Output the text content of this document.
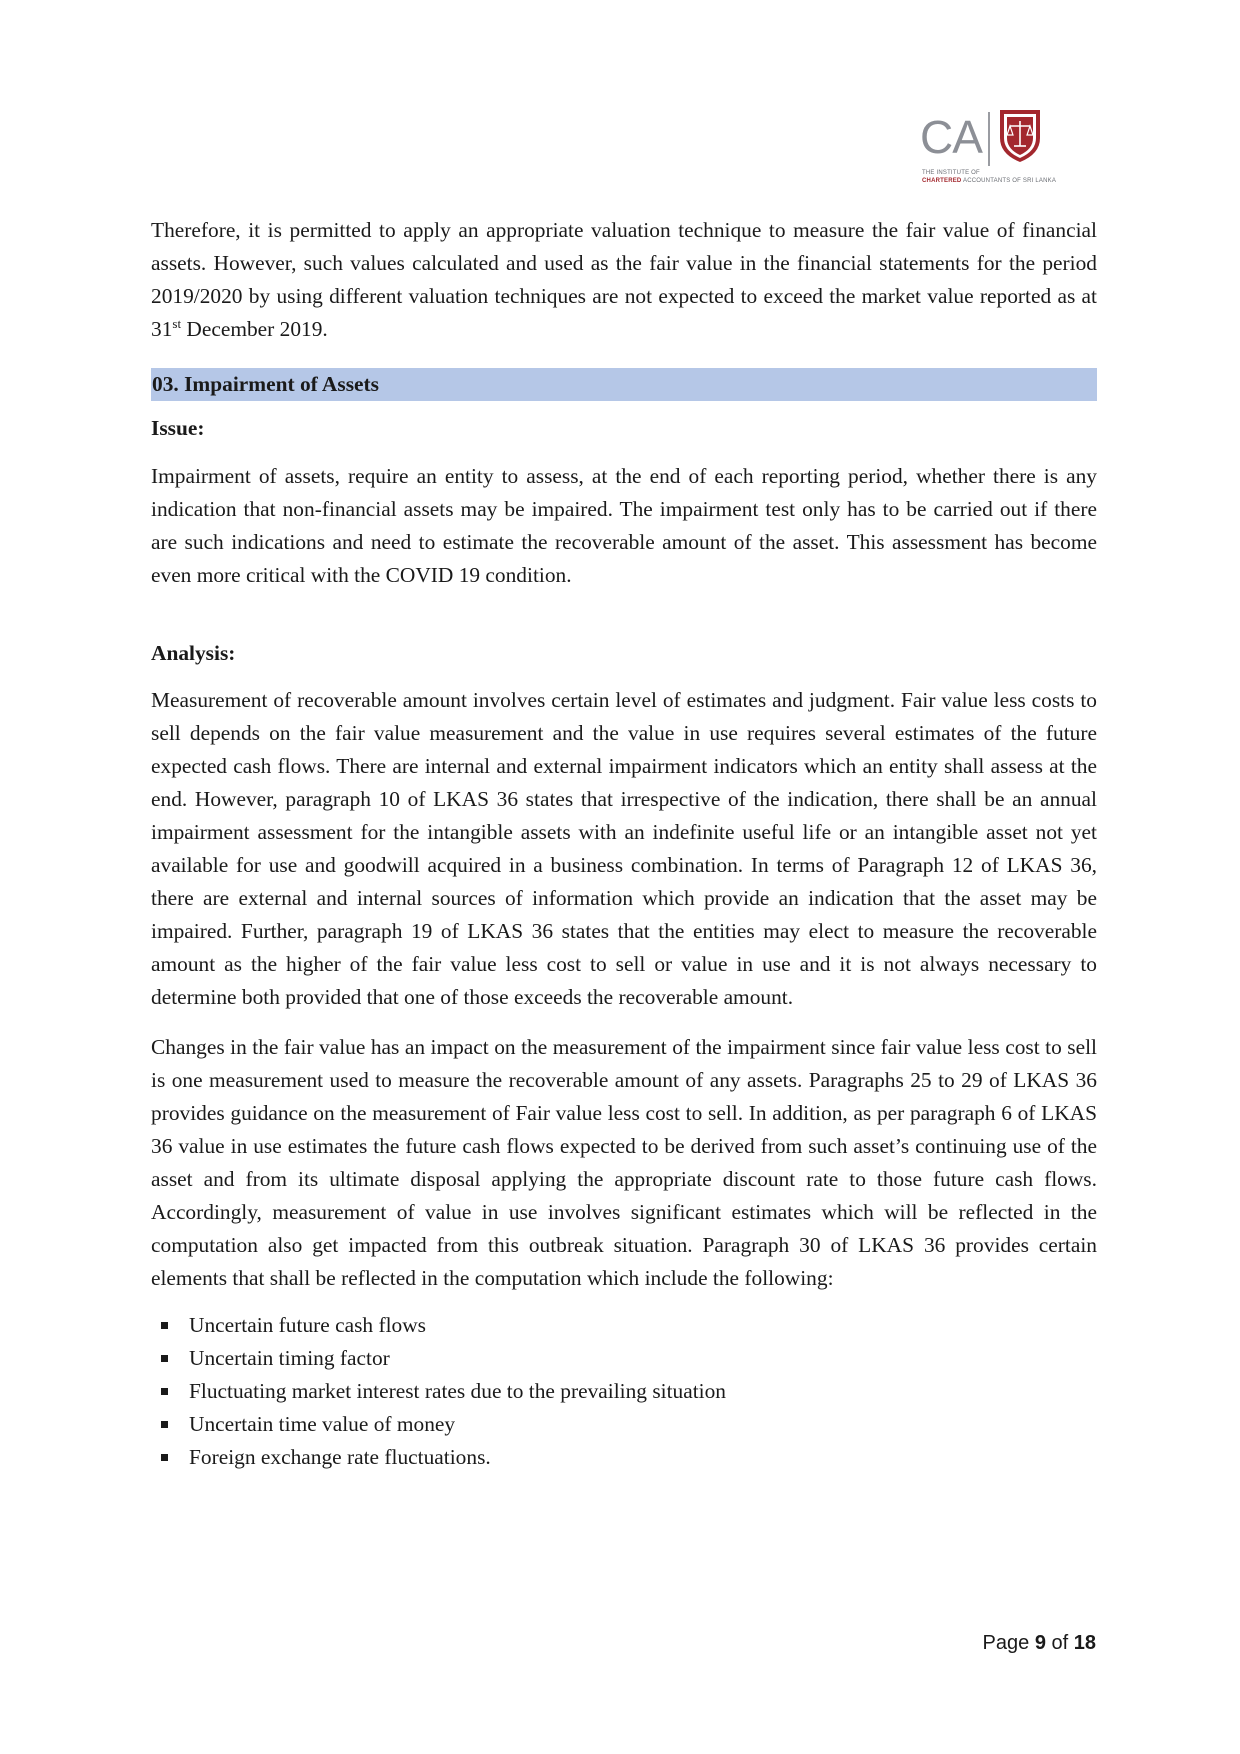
CA
THE INSTITUTE OF
CHARTERED ACCOUNTANTS OF SRI LANKA

Therefore, it is permitted to apply an appropriate valuation technique to measure the fair value of financial assets. However, such values calculated and used as the fair value in the financial statements for the period 2019/2020 by using different valuation techniques are not expected to exceed the market value reported as at 31st December 2019.

03. Impairment of Assets
Issue:

Impairment of assets, require an entity to assess, at the end of each reporting period, whether there is any indication that non-financial assets may be impaired. The impairment test only has to be carried out if there are such indications and need to estimate the recoverable amount of the asset. This assessment has become even more critical with the COVID 19 condition.

Analysis:

Measurement of recoverable amount involves certain level of estimates and judgment. Fair value less costs to sell depends on the fair value measurement and the value in use requires several estimates of the future expected cash flows. There are internal and external impairment indicators which an entity shall assess at the end. However, paragraph 10 of LKAS 36 states that irrespective of the indication, there shall be an annual impairment assessment for the intangible assets with an indefinite useful life or an intangible asset not yet available for use and goodwill acquired in a business combination. In terms of Paragraph 12 of LKAS 36, there are external and internal sources of information which provide an indication that the asset may be impaired. Further, paragraph 19 of LKAS 36 states that the entities may elect to measure the recoverable amount as the higher of the fair value less cost to sell or value in use and it is not always necessary to determine both provided that one of those exceeds the recoverable amount.

Changes in the fair value has an impact on the measurement of the impairment since fair value less cost to sell is one measurement used to measure the recoverable amount of any assets. Paragraphs 25 to 29 of LKAS 36 provides guidance on the measurement of Fair value less cost to sell. In addition, as per paragraph 6 of LKAS 36 value in use estimates the future cash flows expected to be derived from such asset’s continuing use of the asset and from its ultimate disposal applying the appropriate discount rate to those future cash flows. Accordingly, measurement of value in use involves significant estimates which will be reflected in the computation also get impacted from this outbreak situation. Paragraph 30 of LKAS 36 provides certain elements that shall be reflected in the computation which include the following:

Uncertain future cash flows
Uncertain timing factor
Fluctuating market interest rates due to the prevailing situation
Uncertain time value of money
Foreign exchange rate fluctuations.
Page 9 of 18
